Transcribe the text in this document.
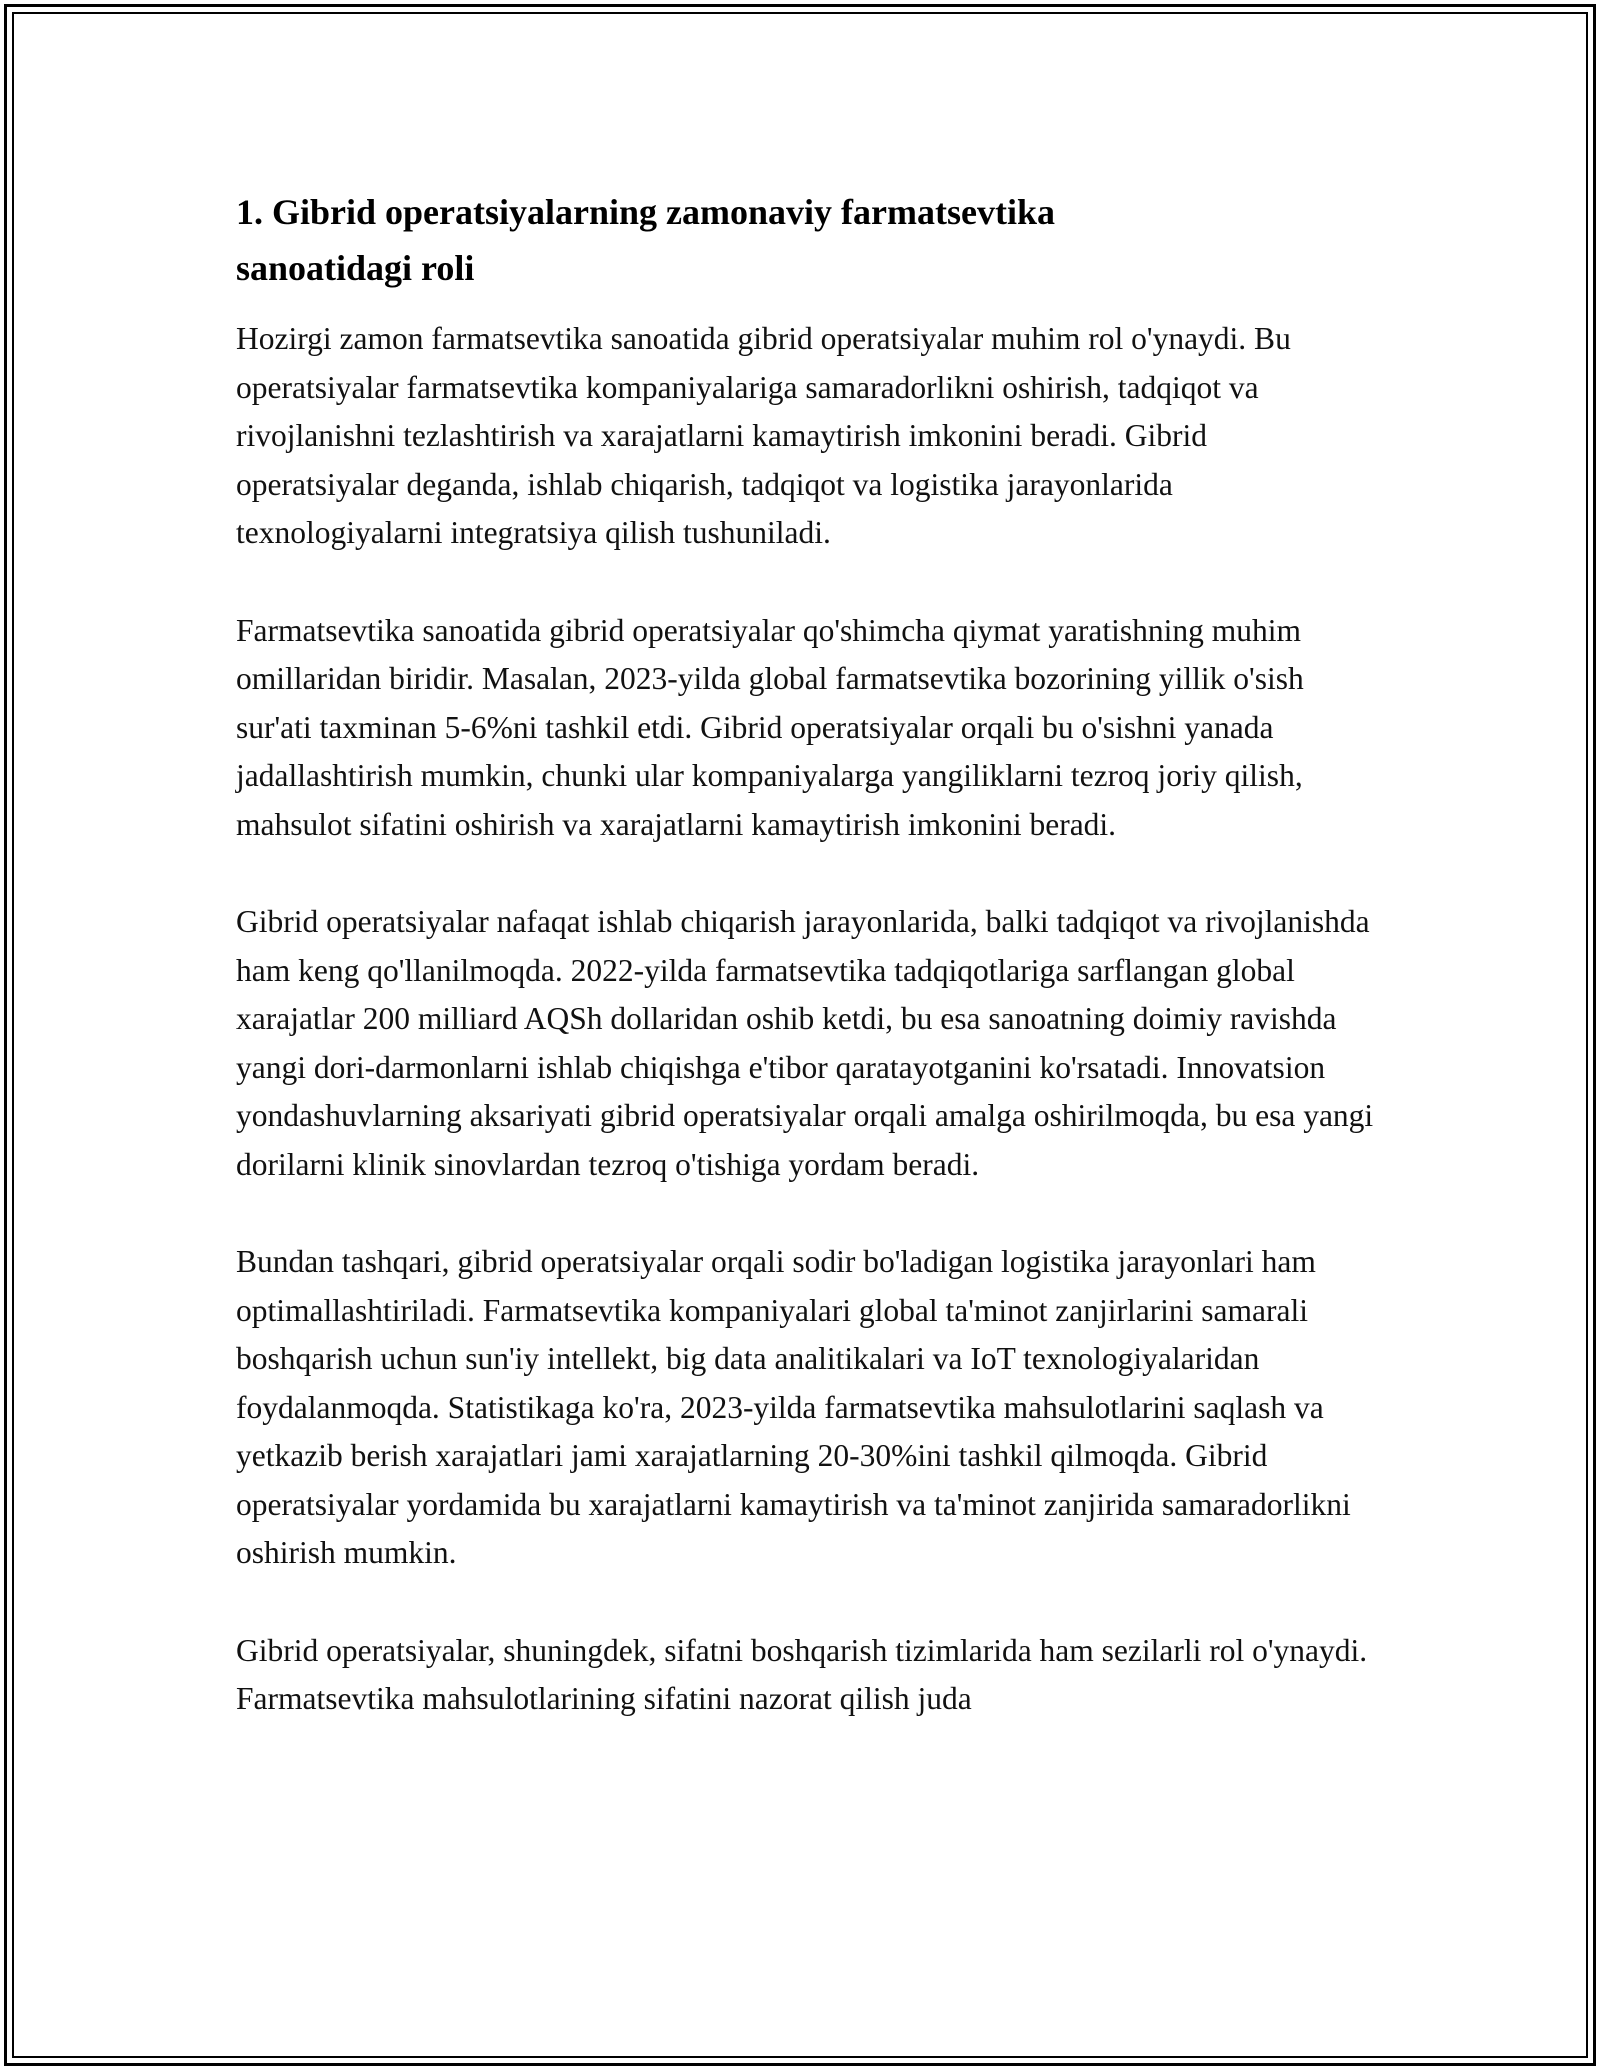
1. Gibrid operatsiyalarning zamonaviy farmatsevtika sanoatidagi roli

Hozirgi zamon farmatsevtika sanoatida gibrid operatsiyalar muhim rol o'ynaydi. Bu operatsiyalar farmatsevtika kompaniyalariga samaradorlikni oshirish, tadqiqot va rivojlanishni tezlashtirish va xarajatlarni kamaytirish imkonini beradi. Gibrid operatsiyalar deganda, ishlab chiqarish, tadqiqot va logistika jarayonlarida texnologiyalarni integratsiya qilish tushuniladi.

Farmatsevtika sanoatida gibrid operatsiyalar qo'shimcha qiymat yaratishning muhim omillaridan biridir. Masalan, 2023-yilda global farmatsevtika bozorining yillik o'sish sur'ati taxminan 5-6%ni tashkil etdi. Gibrid operatsiyalar orqali bu o'sishni yanada jadallashtirish mumkin, chunki ular kompaniyalarga yangiliklarni tezroq joriy qilish, mahsulot sifatini oshirish va xarajatlarni kamaytirish imkonini beradi.

Gibrid operatsiyalar nafaqat ishlab chiqarish jarayonlarida, balki tadqiqot va rivojlanishda ham keng qo'llanilmoqda. 2022-yilda farmatsevtika tadqiqotlariga sarflangan global xarajatlar 200 milliard AQSh dollaridan oshib ketdi, bu esa sanoatning doimiy ravishda yangi dori-darmonlarni ishlab chiqishga e'tibor qaratayotganini ko'rsatadi. Innovatsion yondashuvlarning aksariyati gibrid operatsiyalar orqali amalga oshirilmoqda, bu esa yangi dorilarni klinik sinovlardan tezroq o'tishiga yordam beradi.

Bundan tashqari, gibrid operatsiyalar orqali sodir bo'ladigan logistika jarayonlari ham optimallashtiriladi. Farmatsevtika kompaniyalari global ta'minot zanjirlarini samarali boshqarish uchun sun'iy intellekt, big data analitikalari va IoT texnologiyalaridan foydalanmoqda. Statistikaga ko'ra, 2023-yilda farmatsevtika mahsulotlarini saqlash va yetkazib berish xarajatlari jami xarajatlarning 20-30%ini tashkil qilmoqda. Gibrid operatsiyalar yordamida bu xarajatlarni kamaytirish va ta'minot zanjirida samaradorlikni oshirish mumkin.

Gibrid operatsiyalar, shuningdek, sifatni boshqarish tizimlarida ham sezilarli rol o'ynaydi. Farmatsevtika mahsulotlarining sifatini nazorat qilish juda
